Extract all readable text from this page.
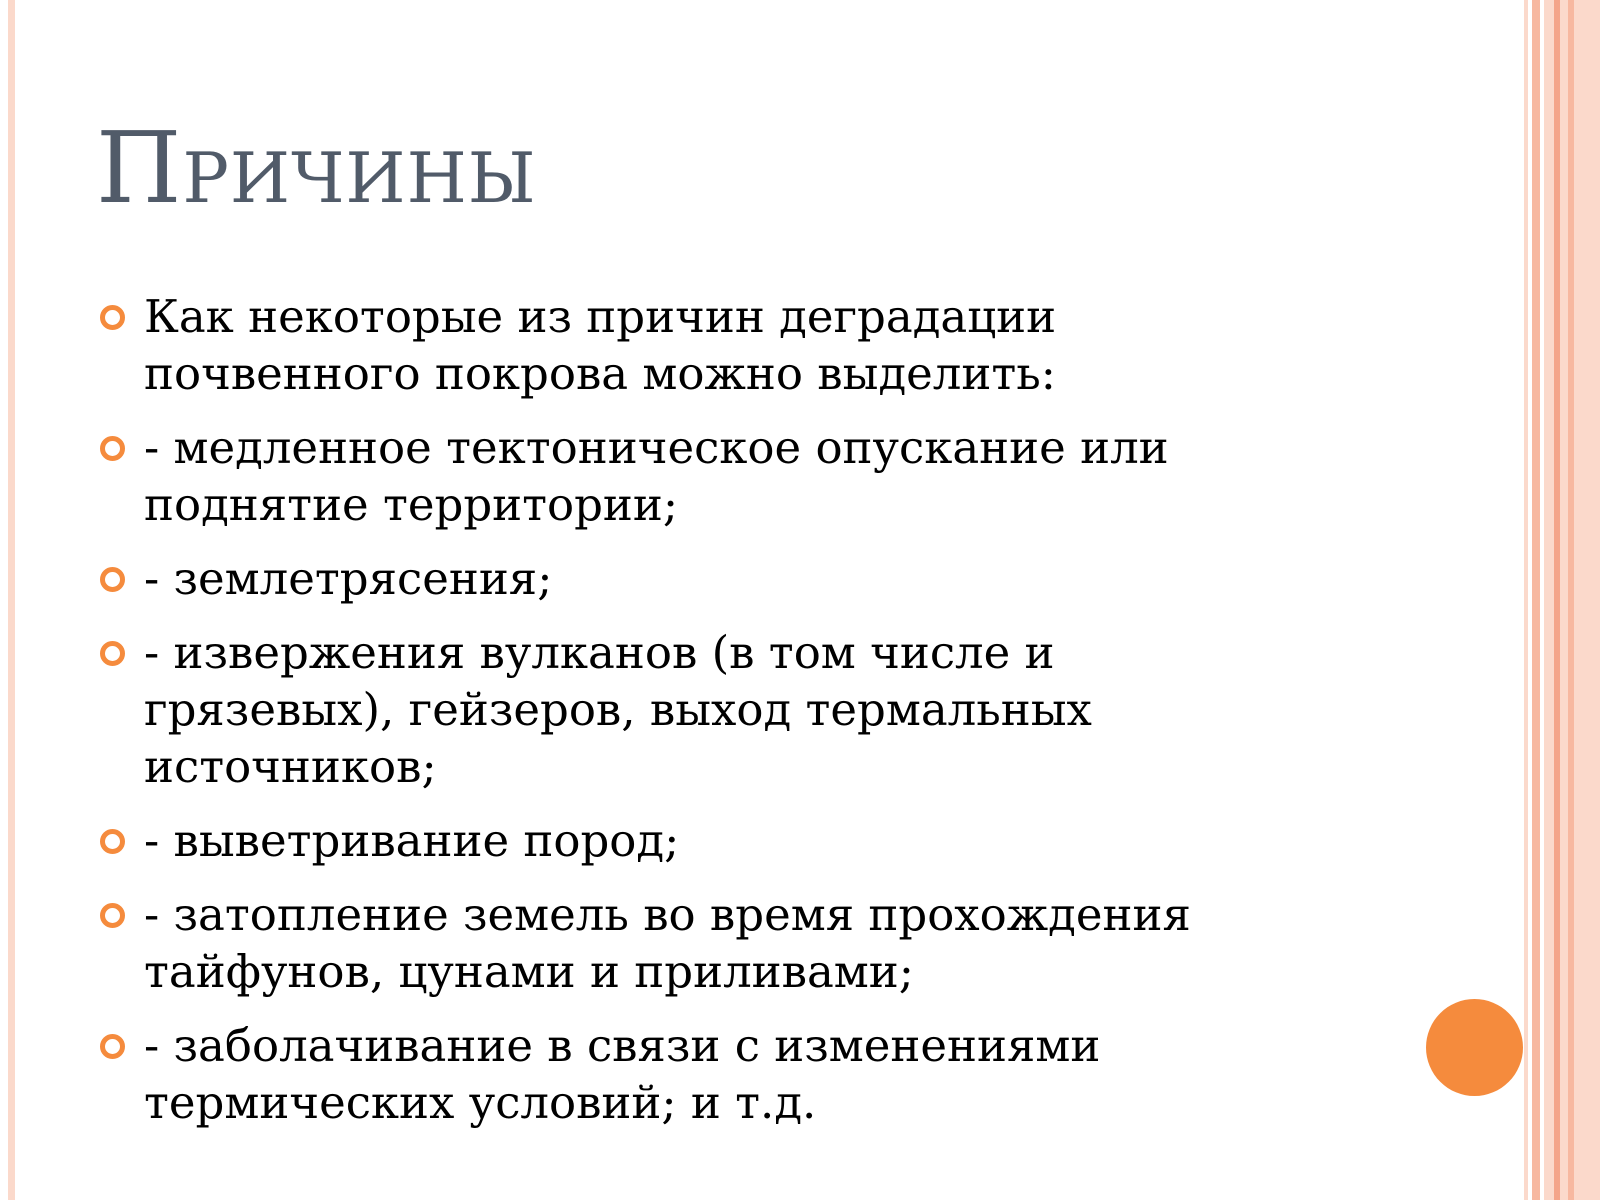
Причины
Как некоторые из причин деградации почвенного покрова можно выделить:
- медленное тектоническое опускание или поднятие территории;
- землетрясения;
- извержения вулканов (в том числе и грязевых), гейзеров, выход термальных источников;
- выветривание пород;
- затопление земель во время прохождения тайфунов, цунами и приливами;
- заболачивание в связи с изменениями термических условий; и т.д.
